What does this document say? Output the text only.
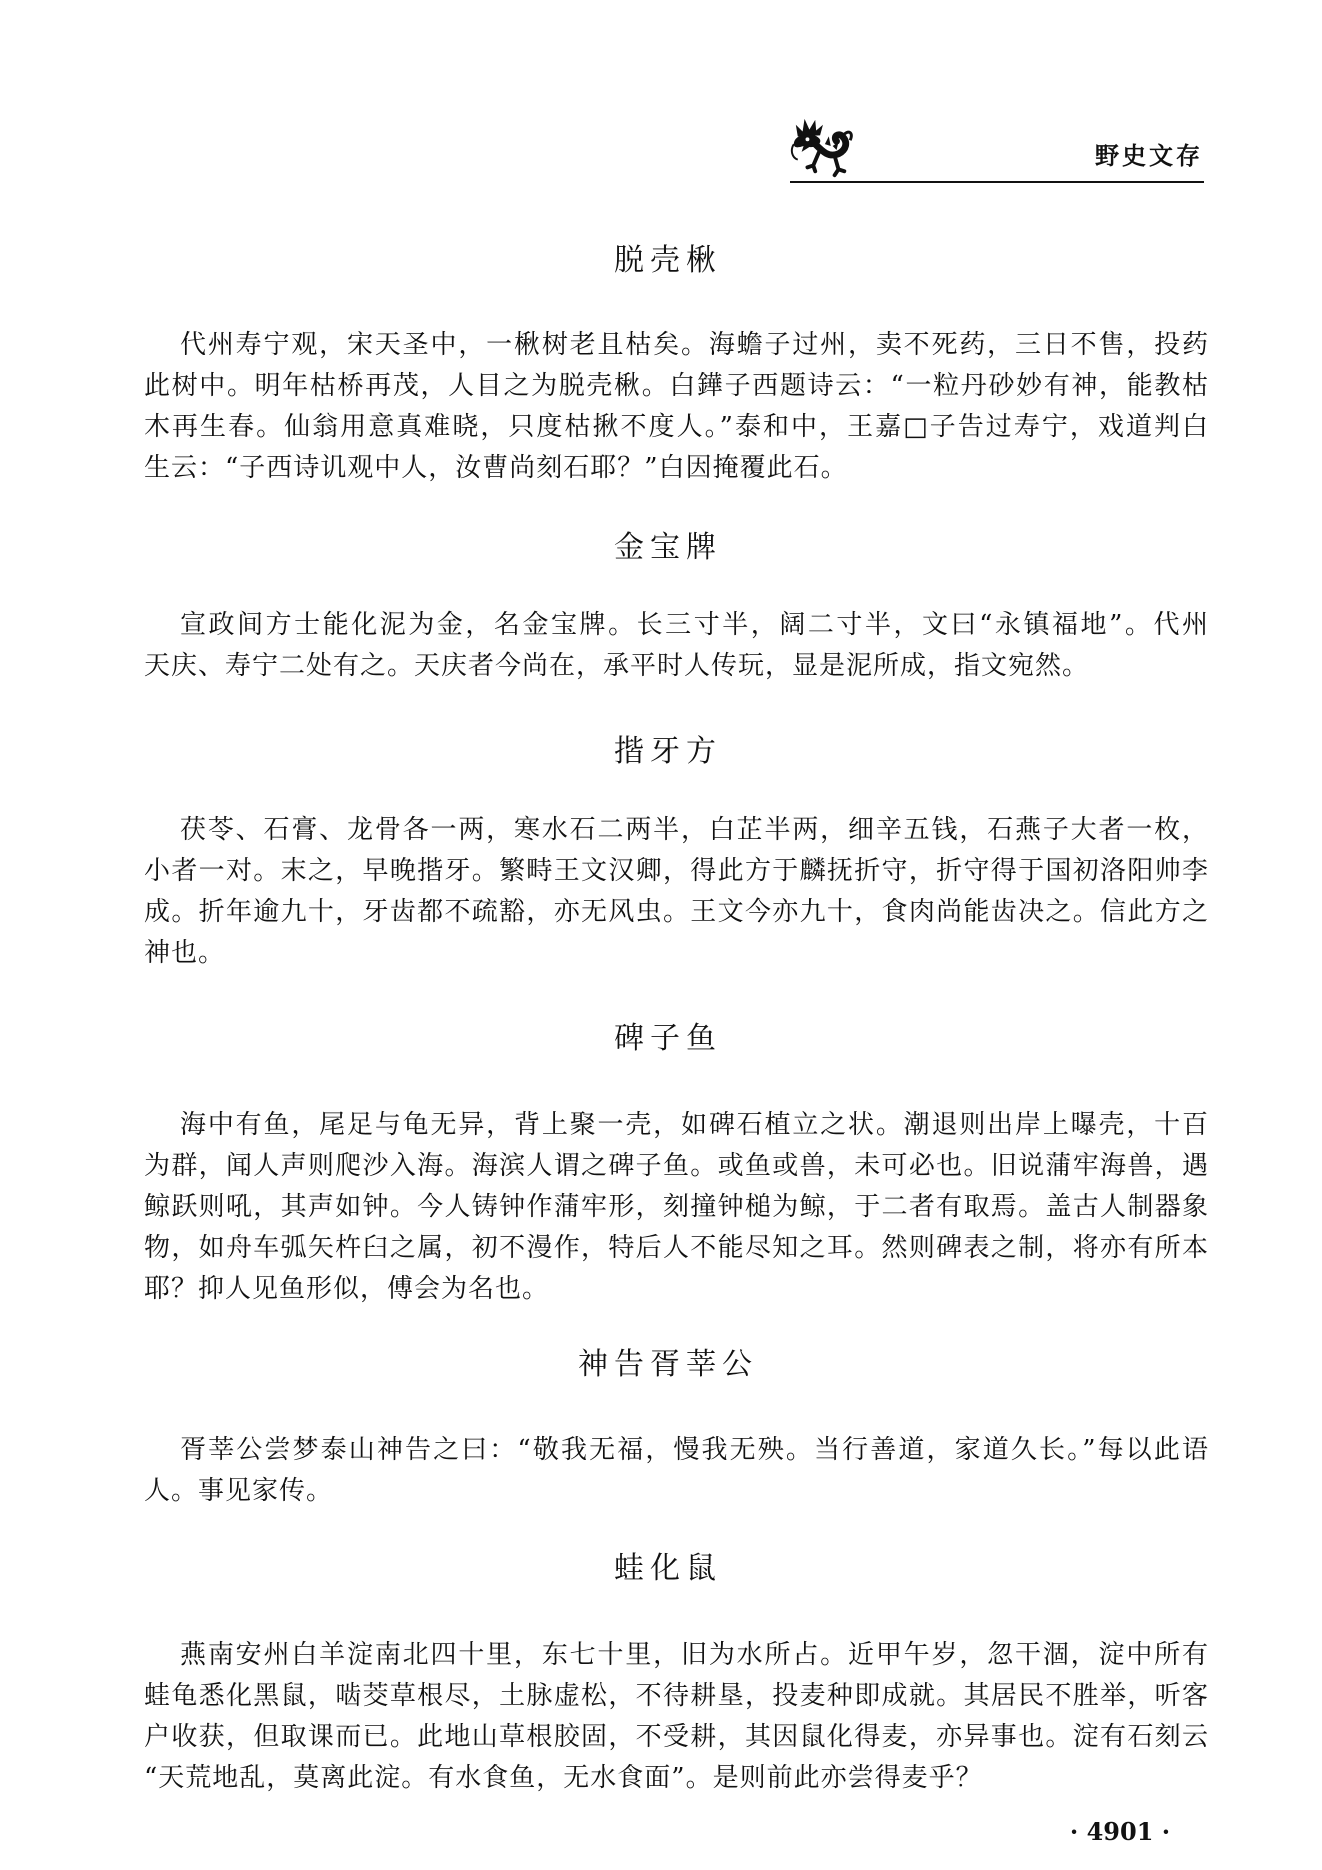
野史文存
脱壳楸
代州寿宁观，宋天圣中，一楸树老且枯矣。海蟾子过州，卖不死药，三日不售，投药
此树中。明年枯桥再茂，人目之为脱壳楸。白鏵子西题诗云：“一粒丹砂妙有神，能教枯
木再生春。仙翁用意真难晓，只度枯揪不度人。”泰和中，王嘉□子告过寿宁，戏道判白
生云：“子西诗讥观中人，汝曹尚刻石耶？”白因掩覆此石。
金宝牌
宣政间方士能化泥为金，名金宝牌。长三寸半，阔二寸半，文曰“永镇福地”。代州
天庆、寿宁二处有之。天庆者今尚在，承平时人传玩，显是泥所成，指文宛然。
揩牙方
茯苓、石膏、龙骨各一两，寒水石二两半，白芷半两，细辛五钱，石燕子大者一枚，
小者一对。末之，早晚揩牙。繁畤王文汉卿，得此方于麟抚折守，折守得于国初洛阳帅李
成。折年逾九十，牙齿都不疏豁，亦无风虫。王文今亦九十，食肉尚能齿决之。信此方之
神也。
碑子鱼
海中有鱼，尾足与龟无异，背上聚一壳，如碑石植立之状。潮退则出岸上曝壳，十百
为群，闻人声则爬沙入海。海滨人谓之碑子鱼。或鱼或兽，未可必也。旧说蒲牢海兽，遇
鲸跃则吼，其声如钟。今人铸钟作蒲牢形，刻撞钟槌为鲸，于二者有取焉。盖古人制器象
物，如舟车弧矢杵臼之属，初不漫作，特后人不能尽知之耳。然则碑表之制，将亦有所本
耶？抑人见鱼形似，傅会为名也。
神告胥莘公
胥莘公尝梦泰山神告之曰：“敬我无福，慢我无殃。当行善道，家道久长。”每以此语
人。事见家传。
蛙化鼠
燕南安州白羊淀南北四十里，东七十里，旧为水所占。近甲午岁，忽干涸，淀中所有
蛙龟悉化黑鼠，啮茭草根尽，土脉虚松，不待耕垦，投麦种即成就。其居民不胜举，听客
户收获，但取课而已。此地山草根胶固，不受耕，其因鼠化得麦，亦异事也。淀有石刻云
“天荒地乱，莫离此淀。有水食鱼，无水食面”。是则前此亦尝得麦乎？
· 4901 ·
